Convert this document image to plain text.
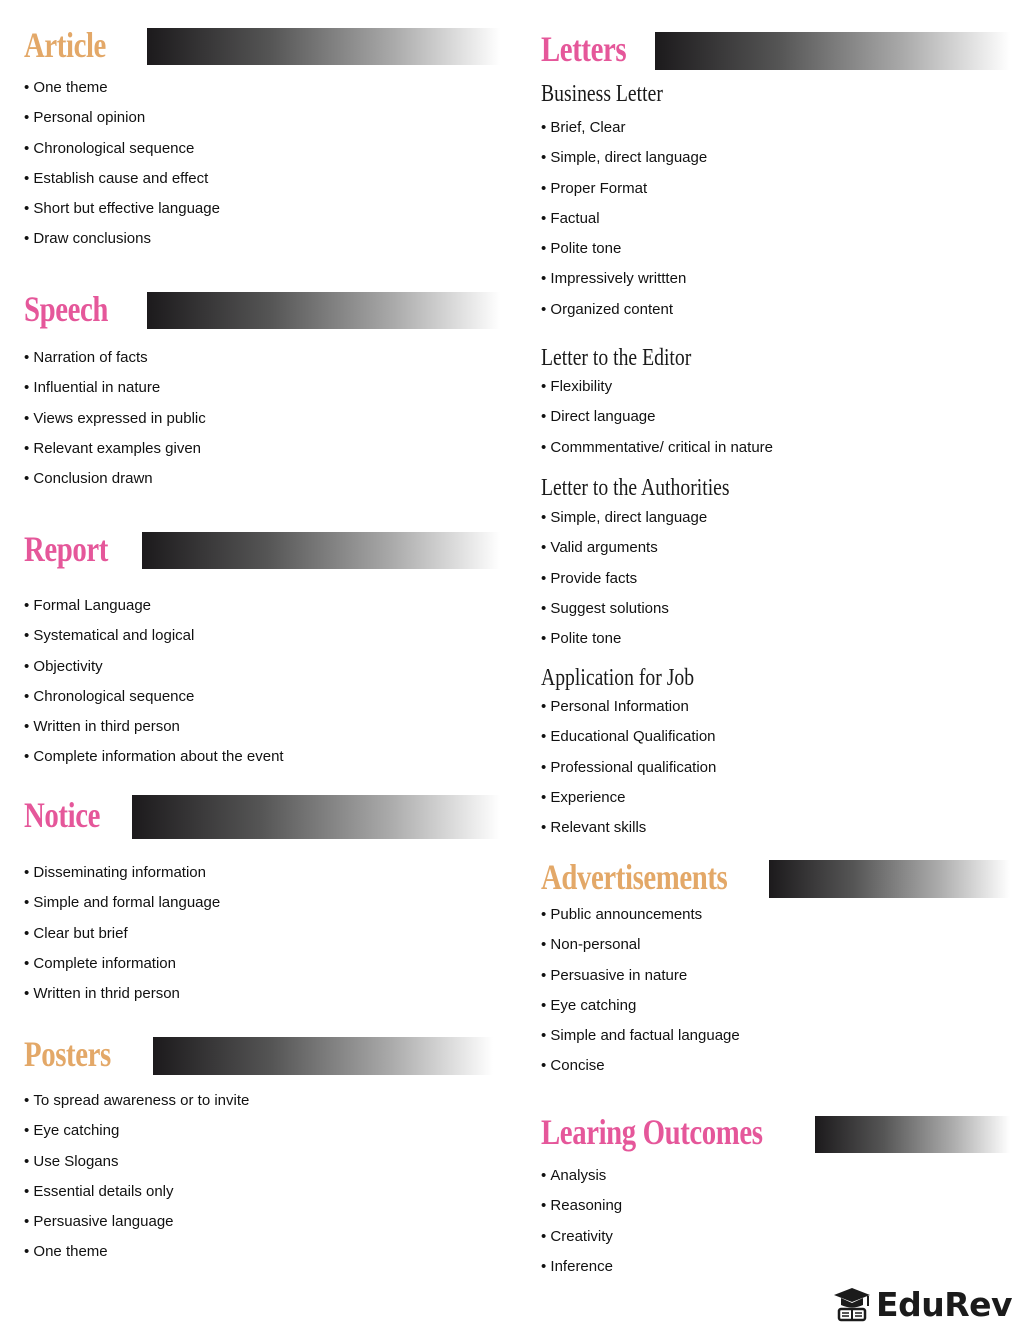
Article
• One theme
• Personal opinion
• Chronological sequence
• Establish cause and effect
• Short but effective language
• Draw conclusions
Speech
• Narration of facts
• Influential in nature
• Views expressed in public
• Relevant examples given
• Conclusion drawn
Report
• Formal Language
• Systematical and logical
• Objectivity
• Chronological sequence
• Written in third person
• Complete information about the event
Notice
• Disseminating information
• Simple and formal language
• Clear but brief
• Complete information
• Written in thrid person
Posters
• To spread awareness or to invite
• Eye catching
• Use Slogans
• Essential details only
• Persuasive language
• One theme
Letters
Business Letter
• Brief, Clear
• Simple, direct language
• Proper Format
• Factual
• Polite tone
• Impressively writtten
• Organized content
Letter to the Editor
• Flexibility
• Direct language
• Commmentative/ critical in nature
Letter to the Authorities
• Simple, direct language
• Valid arguments
• Provide facts
• Suggest solutions
• Polite tone
Application for Job
• Personal Information
• Educational Qualification
• Professional qualification
• Experience
• Relevant skills
Advertisements
• Public announcements
• Non-personal
• Persuasive in nature
• Eye catching
• Simple and factual language
• Concise
Learing Outcomes
• Analysis
• Reasoning
• Creativity
• Inference
EduRev
